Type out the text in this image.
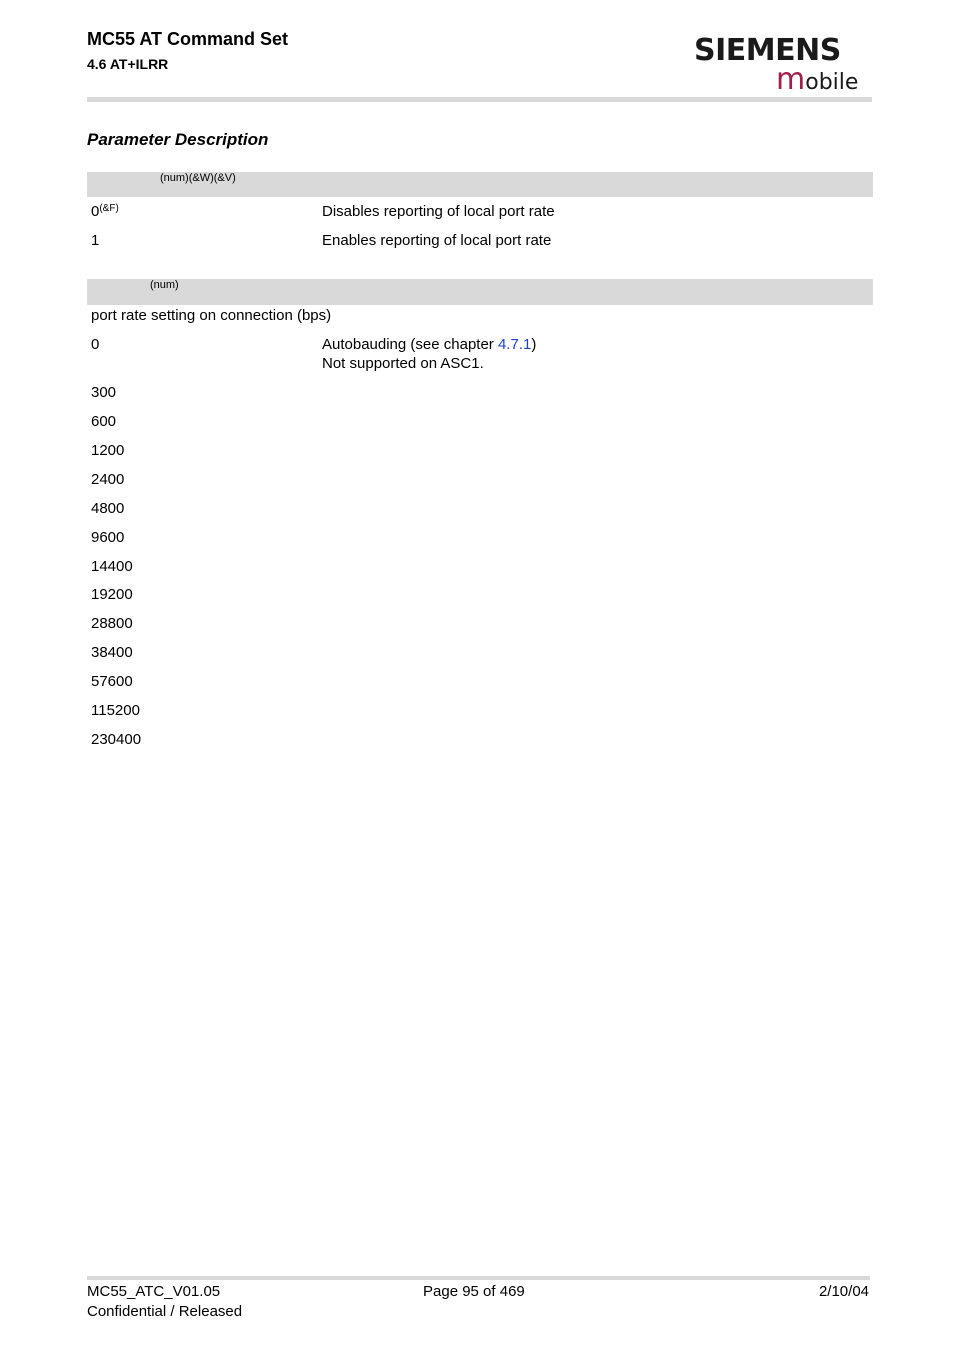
MC55 AT Command Set
4.6 AT+ILRR	SIEMENS
mobile
Parameter Description
(num)(&W)(&V)
$0^{(\&F)}$	Disables reporting of local port rate
1	Enables reporting of local port rate
(num)
port rate setting on connection (bps)
0	Autobauding (see chapter 4.7.1)
Not supported on ASC1.
300
600
1200
2400
4800
9600
14400
19200
28800
38400
57600
115200
230400
MC55_ATC_V01.05
Confidential / Released
Page 95 of 469	2/10/04
